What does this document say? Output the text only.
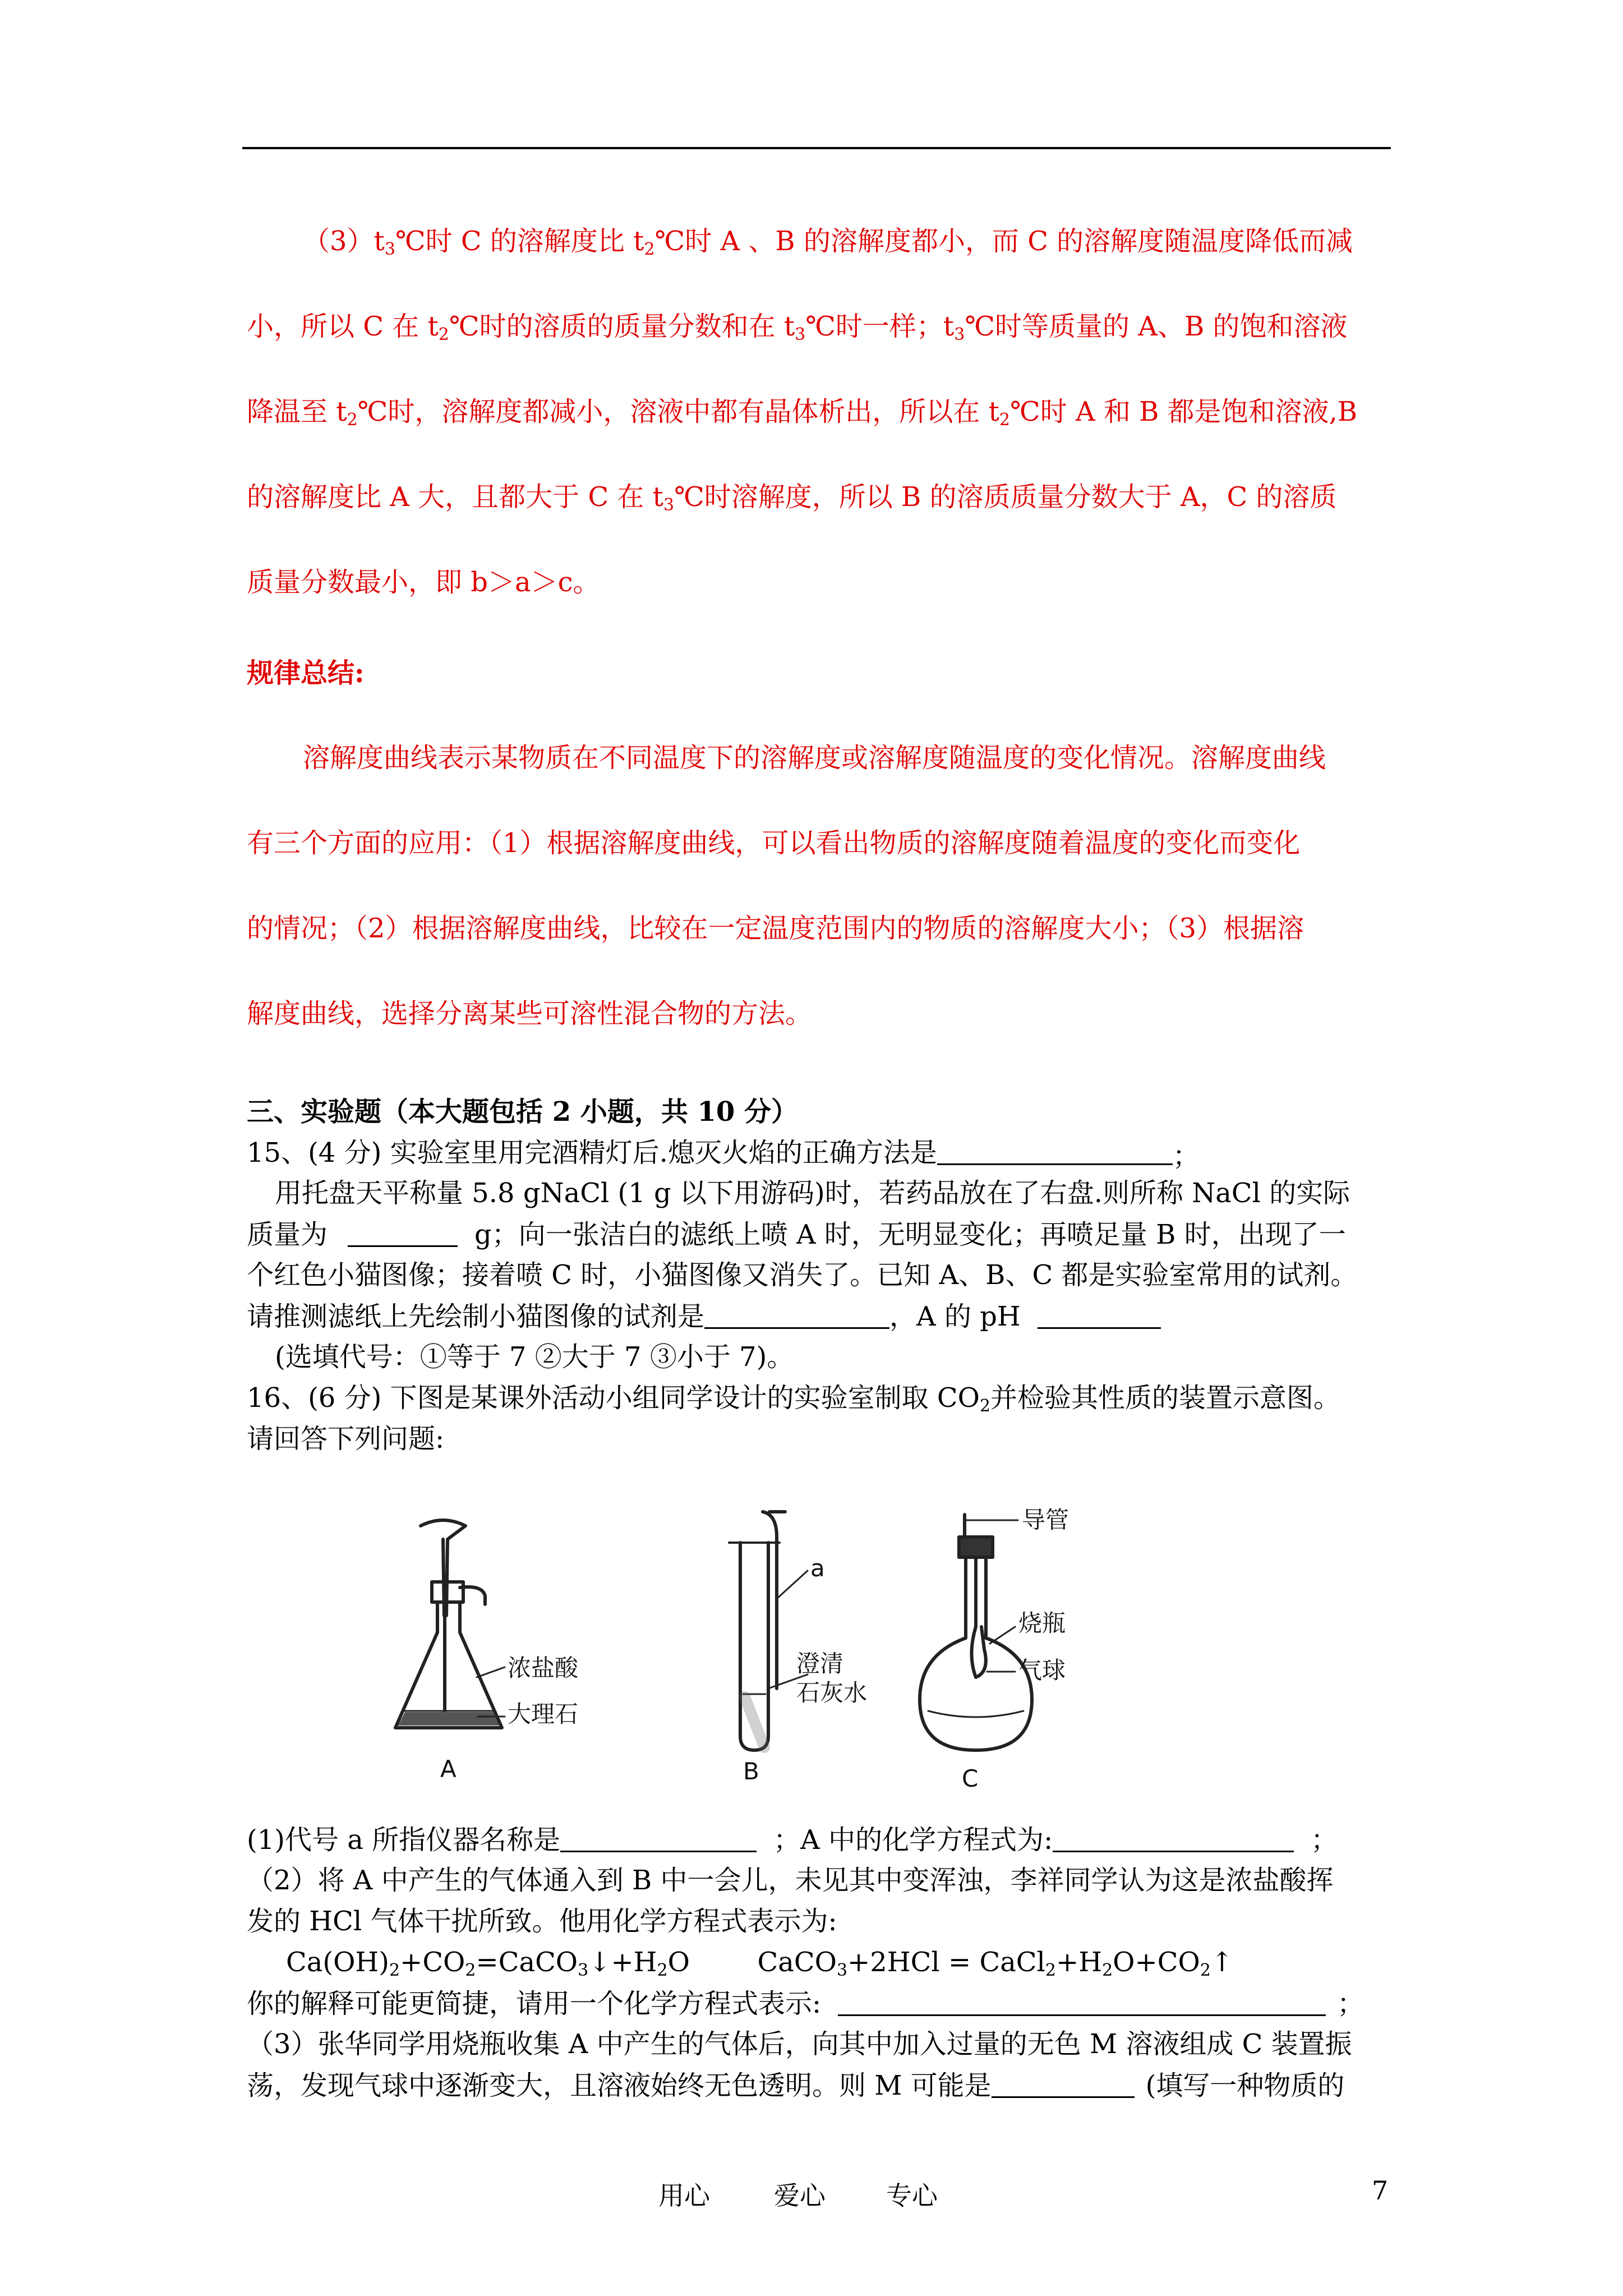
$(3)t_3℃$时 C 的溶解度比 $t_2℃$时 A 、B 的溶解度都小，而 C 的溶解度随温度降低而减
小，所以 C 在 $t_2℃$时的溶质的质量分数和在 $t_3℃$时一样；$t_3℃$时等质量的 A、B 的饱和溶液
降温至 $t_2℃$时，溶解度都减小，溶液中都有晶体析出，所以在 $t_2℃$时 A 和 B 都是饱和溶液,B
的溶解度比 A 大，且都大于 C 在 $t_3℃$时溶解度，所以 B 的溶质质量分数大于 A，C 的溶质
质量分数最小，即 b＞a＞c。
规律总结:
溶解度曲线表示某物质在不同温度下的溶解度或溶解度随温度的变化情况。溶解度曲线
有三个方面的应用：（1）根据溶解度曲线，可以看出物质的溶解度随着温度的变化而变化
的情况；（2）根据溶解度曲线，比较在一定温度范围内的物质的溶解度大小；（3）根据溶
解度曲线，选择分离某些可溶性混合物的方法。
三、实验题（本大题包括 2 小题，共 10 分）
15、(4 分) 实验室里用完酒精灯后.熄灭火焰的正确方法是	；
用托盘天平称量 5.8 gNaCl (1 g 以下用游码)时，若药品放在了右盘.则所称 NaCl 的实际
质量为	g；向一张洁白的滤纸上喷 A 时，无明显变化；再喷足量 B 时，出现了一
个红色小猫图像；接着喷 C 时，小猫图像又消失了。已知 A、B、C 都是实验室常用的试剂。
请推测滤纸上先绘制小猫图像的试剂是	，A 的 pH
(选填代号：①等于 7 ②大于 7 ③小于 7)。
16、(6 分) 下图是某课外活动小组同学设计的实验室制取 $CO_2$并检验其性质的装置示意图。
请回答下列问题:
浓盐酸
大理石
A
a
澄清
石灰水
B
导管
烧瓶
气球
C
(1)代号 a 所指仪器名称是	；A 中的化学方程式为:	；
（2）将 A 中产生的气体通入到 B 中一会儿，未见其中变浑浊，李祥同学认为这是浓盐酸挥
发的 HCl 气体干扰所致。他用化学方程式表示为:
$Ca(OH)_2+CO_2=CaCO_3↓+H_2O$	CaCO$_3$+2HCl = $CaCl_2+H_2O+CO_2↑$
你的解释可能更简捷，请用一个化学方程式表示:	；
（3）张华同学用烧瓶收集 A 中产生的气体后，向其中加入过量的无色 M 溶液组成 C 装置振
荡，发现气球中逐渐变大，且溶液始终无色透明。则 M 可能是	(填写一种物质的
用心 爱心 专心	7
